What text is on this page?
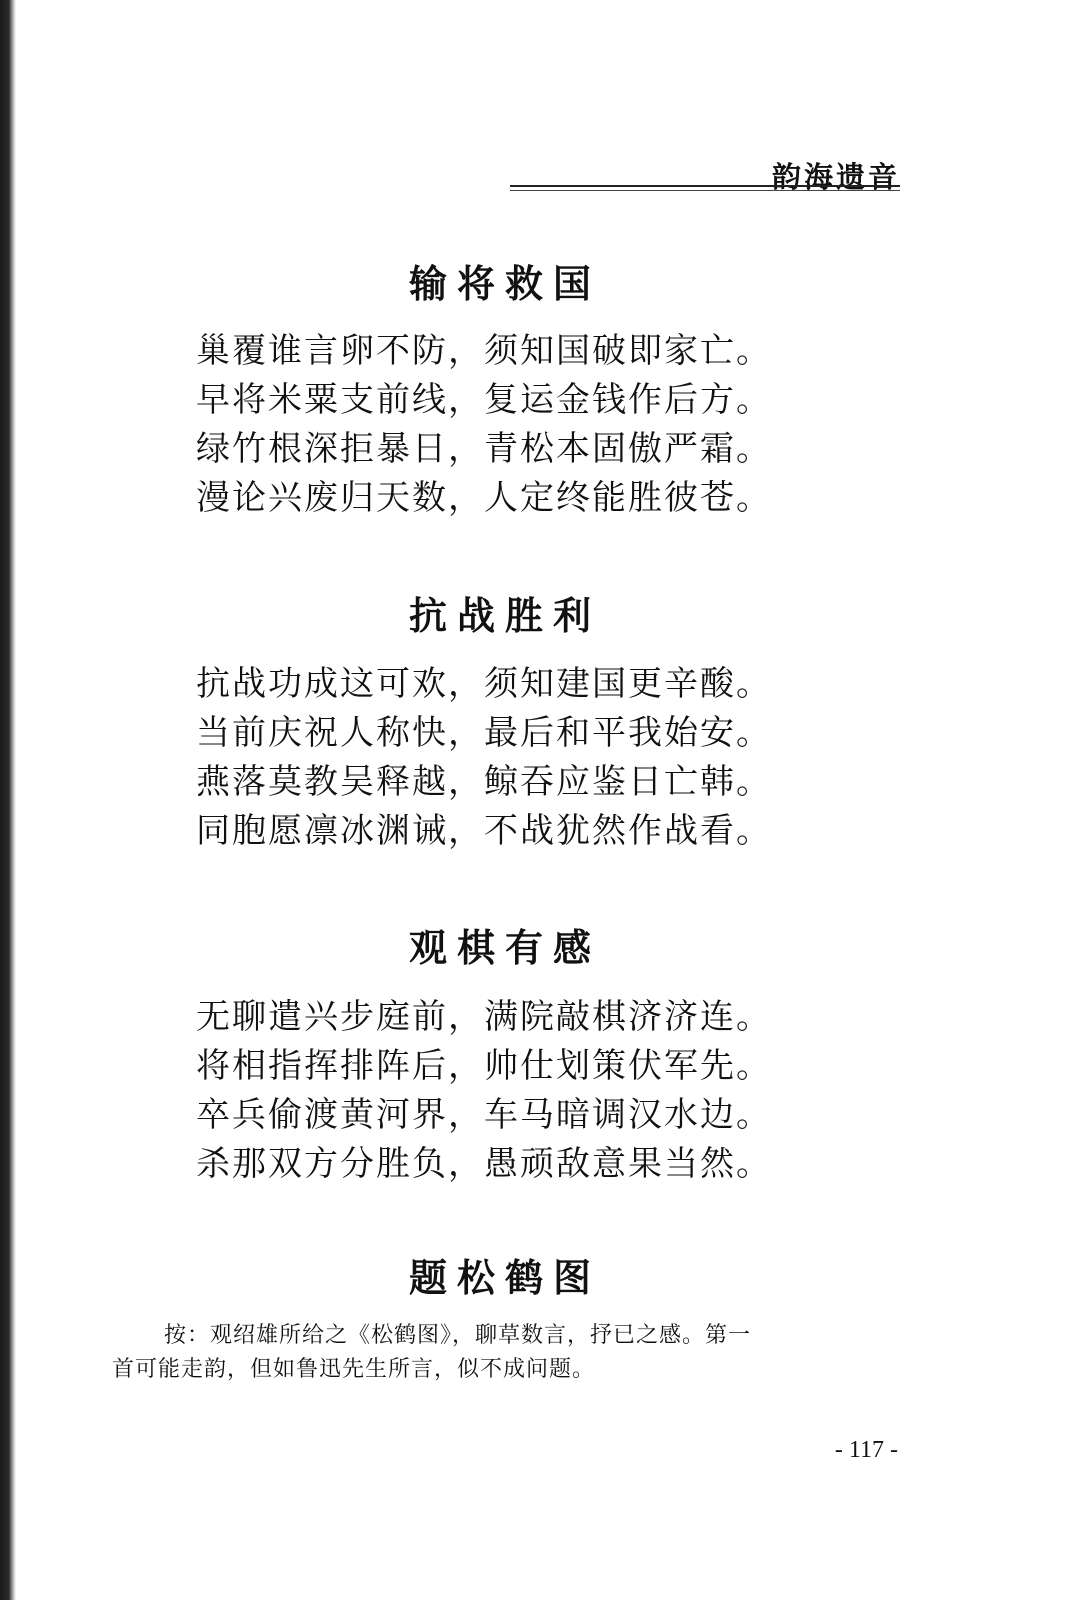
韵海遗音
输将救国
巢覆谁言卵不防，须知国破即家亡。
早将米粟支前线，复运金钱作后方。
绿竹根深拒暴日，青松本固傲严霜。
漫论兴废归天数，人定终能胜彼苍。
抗战胜利
抗战功成这可欢，须知建国更辛酸。
当前庆祝人称快，最后和平我始安。
燕落莫教吴释越，鲸吞应鉴日亡韩。
同胞愿凛冰渊诫，不战犹然作战看。
观棋有感
无聊遣兴步庭前，满院敲棋济济连。
将相指挥排阵后，帅仕划策伏军先。
卒兵偷渡黄河界，车马暗调汉水边。
杀那双方分胜负，愚顽敌意果当然。
题松鹤图
按：观绍雄所给之《松鹤图》，聊草数言，抒已之感。第一
首可能走韵，但如鲁迅先生所言，似不成问题。
- 117 -
